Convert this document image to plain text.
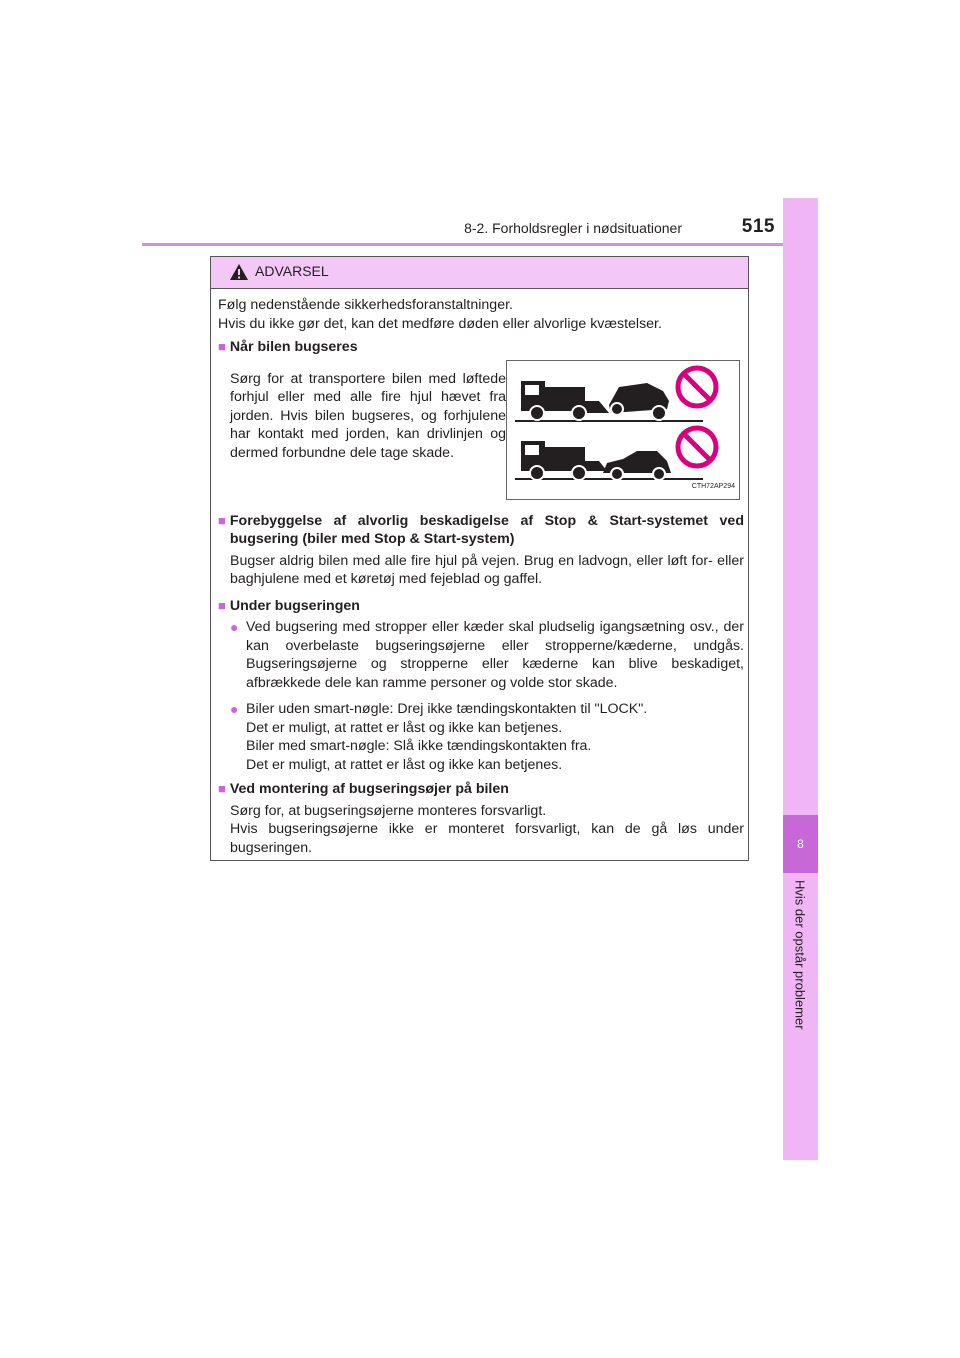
8-2. Forholdsregler i nødsituationer	515
8
Hvis der opstår problemer
ADVARSEL

Følg nedenstående sikkerhedsforanstaltninger.

Hvis du ikke gør det, kan det medføre døden eller alvorlige kvæstelser.

■ Når bilen bugseres

Sørg for at transportere bilen med løftede forhjul eller med alle fire hjul hævet fra jorden. Hvis bilen bugseres, og forhjulene har kontakt med jorden, kan drivlinjen og dermed forbundne dele tage skade.

CTH72AP294
■ Forebyggelse af alvorlig beskadigelse af Stop & Start-systemet ved bugsering (biler med Stop & Start-system)

Bugser aldrig bilen med alle fire hjul på vejen. Brug en ladvogn, eller løft for- eller baghjulene med et køretøj med fejeblad og gaffel.

■ Under bugseringen
● Ved bugsering med stropper eller kæder skal pludselig igangsætning osv., der kan overbelaste bugseringsøjerne eller stropperne/kæderne, undgås. Bugseringsøjerne og stropperne eller kæderne kan blive beskadiget, afbrækkede dele kan ramme personer og volde stor skade.

● Biler uden smart-nøgle: Drej ikke tændingskontakten til "LOCK".

Det er muligt, at rattet er låst og ikke kan betjenes.

Biler med smart-nøgle: Slå ikke tændingskontakten fra.

Det er muligt, at rattet er låst og ikke kan betjenes.

■ Ved montering af bugseringsøjer på bilen

Sørg for, at bugseringsøjerne monteres forsvarligt.

Hvis bugseringsøjerne ikke er monteret forsvarligt, kan de gå løs under bugseringen.
